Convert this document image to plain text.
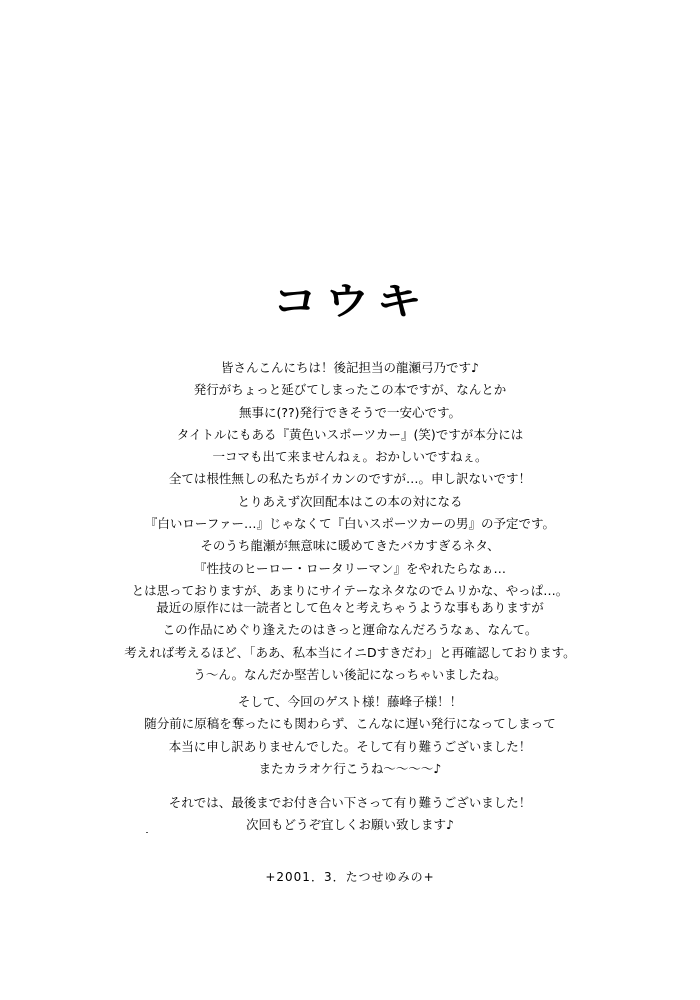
コウキ
皆さんこんにちは！後記担当の龍瀬弓乃です♪
発行がちょっと延びてしまったこの本ですが、なんとか
無事に(??)発行できそうで一安心です。
タイトルにもある『黄色いスポーツカー』(笑)ですが本分には
一コマも出て来ませんねぇ。おかしいですねぇ。
全ては根性無しの私たちがイカンのですが…。申し訳ないです！
とりあえず次回配本はこの本の対になる
『白いローファー…』じゃなくて『白いスポーツカーの男』の予定です。
そのうち龍瀬が無意味に暖めてきたバカすぎるネタ、
『性技のヒーロー・ロータリーマン』をやれたらなぁ…
とは思っておりますが、あまりにサイテーなネタなのでムリかな、やっぱ…。
最近の原作には一読者として色々と考えちゃうような事もありますが
この作品にめぐり逢えたのはきっと運命なんだろうなぁ、なんて。
考えれば考えるほど、「ああ、私本当にイニDすきだわ」と再確認しております。
う～ん。なんだか堅苦しい後記になっちゃいましたね。
そして、今回のゲスト様！藤峰子様！！
随分前に原稿を奪ったにも関わらず、こんなに遅い発行になってしまって
本当に申し訳ありませんでした。そして有り難うございました！
またカラオケ行こうね～～～～♪
それでは、最後までお付き合い下さって有り難うございました！
次回もどうぞ宜しくお願い致します♪
+2001．3．たつせゆみの+
